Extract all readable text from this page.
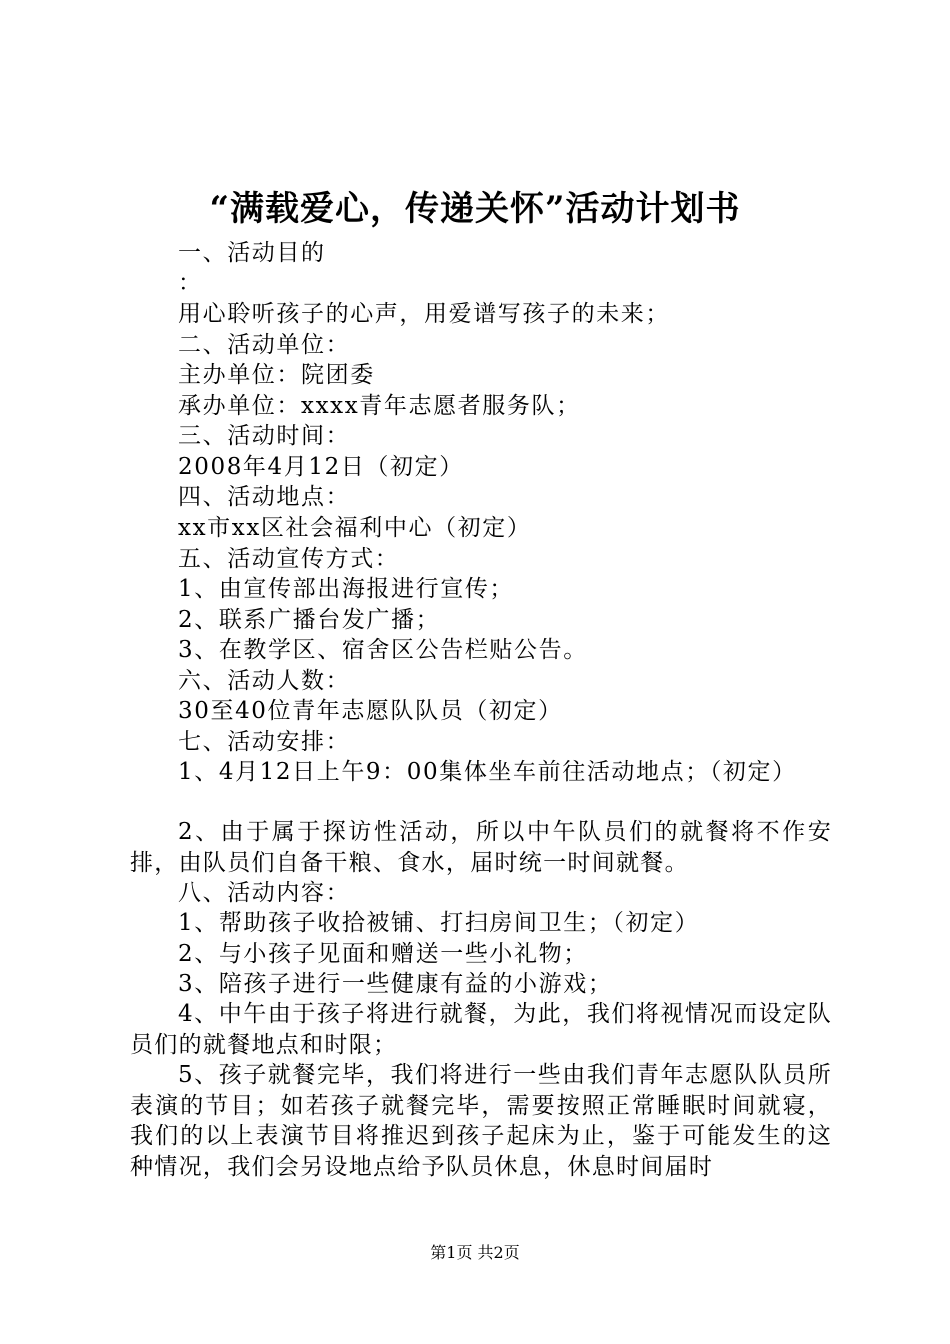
“满载爱心，传递关怀”活动计划书
一、活动目的
：
用心聆听孩子的心声，用爱谱写孩子的未来；
二、活动单位：
主办单位：院团委
承办单位：xxxx青年志愿者服务队；
三、活动时间：
2008年4月12日（初定）
四、活动地点：
xx市xx区社会福利中心（初定）
五、活动宣传方式：
1、由宣传部出海报进行宣传；
2、联系广播台发广播；
3、在教学区、宿舍区公告栏贴公告。
六、活动人数：
30至40位青年志愿队队员（初定）
七、活动安排：
1、4月12日上午9：00集体坐车前往活动地点；（初定）
2、由于属于探访性活动，所以中午队员们的就餐将不作安排，由队员们自备干粮、食水，届时统一时间就餐。
八、活动内容：
1、帮助孩子收拾被铺、打扫房间卫生；（初定）
2、与小孩子见面和赠送一些小礼物；
3、陪孩子进行一些健康有益的小游戏；
4、中午由于孩子将进行就餐，为此，我们将视情况而设定队员们的就餐地点和时限；
5、孩子就餐完毕，我们将进行一些由我们青年志愿队队员所表演的节目；如若孩子就餐完毕，需要按照正常睡眠时间就寝，我们的以上表演节目将推迟到孩子起床为止，鉴于可能发生的这种情况，我们会另设地点给予队员休息，休息时间届时
第1页 共2页
